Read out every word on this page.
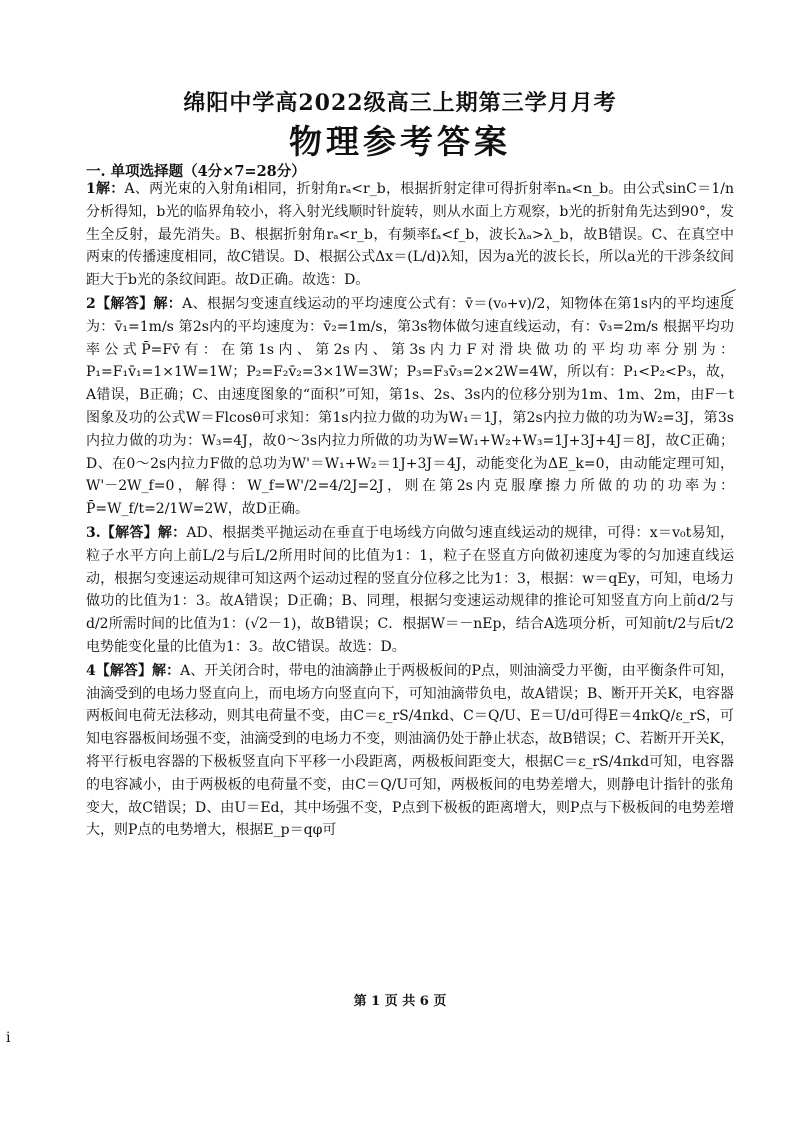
绵阳中学高2022级高三上期第三学月月考
物理参考答案
一. 单项选择题（4分×7=28分）

1解：A、两光束的入射角i相同，折射角rₐ<r_b，根据折射定律可得折射率nₐ<n_b。由公式sinC＝1/n分析得知，b光的临界角较小，将入射光线顺时针旋转，则从水面上方观察，b光的折射角先达到90°，发生全反射，最先消失。B、根据折射角rₐ<r_b，有频率fₐ<f_b，波长λₐ>λ_b，故B错误。C、在真空中两束的传播速度相同，故C错误。D、根据公式Δx＝(L/d)λ知，因为a光的波长长，所以a光的干涉条纹间距大于b光的条纹间距。故D正确。故选：D。

2【解答】解：A、根据匀变速直线运动的平均速度公式有：v̄＝(v₀+v)/2，知物体在第1s内的平均速度为：v̄₁=1m/s 第2s内的平均速度为：v̄₂=1m/s，第3s物体做匀速直线运动，有：v̄₃=2m/s 根据平均功率公式P̄=Fv̄有：在第1s内、第2s内、第3s内力F对滑块做功的平均功率分别为：P₁=F₁v̄₁=1×1W=1W；P₂=F₂v̄₂=3×1W=3W；P₃=F₃v̄₃=2×2W=4W，所以有：P₁<P₂<P₃，故，A错误，B正确；C、由速度图象的“面积”可知，第1s、2s、3s内的位移分别为1m、1m、2m，由F－t图象及功的公式W＝Flcosθ可求知：第1s内拉力做的功为W₁＝1J，第2s内拉力做的功为W₂=3J，第3s内拉力做的功为：W₃=4J，故0～3s内拉力所做的功为W=W₁+W₂+W₃=1J+3J+4J＝8J，故C正确；D、在0～2s内拉力F做的总功为W'＝W₁+W₂＝1J+3J＝4J，动能变化为ΔE_k=0，由动能定理可知，W'－2W_f=0，解得：W_f=W'/2=4/2J=2J，则在第2s内克服摩擦力所做的功的功率为：P̄=W_f/t=2/1W=2W，故D正确。

3.【解答】解：AD、根据类平抛运动在垂直于电场线方向做匀速直线运动的规律，可得：x＝v₀t易知，粒子水平方向上前L/2与后L/2所用时间的比值为1：1，粒子在竖直方向做初速度为零的匀加速直线运动，根据匀变速运动规律可知这两个运动过程的竖直分位移之比为1：3，根据：w＝qEy，可知，电场力做功的比值为1：3。故A错误；D正确；B、同理，根据匀变速运动规律的推论可知竖直方向上前d/2与d/2所需时间的比值为1：(√2－1)，故B错误；C．根据W＝－nEp，结合A选项分析，可知前t/2与后t/2电势能变化量的比值为1：3。故C错误。故选：D。

4【解答】解：A、开关闭合时，带电的油滴静止于两极板间的P点，则油滴受力平衡，由平衡条件可知，油滴受到的电场力竖直向上，而电场方向竖直向下，可知油滴带负电，故A错误；B、断开开关K，电容器两板间电荷无法移动，则其电荷量不变，由C＝ε_rS/4πkd、C＝Q/U、E＝U/d可得E＝4πkQ/ε_rS，可知电容器板间场强不变，油滴受到的电场力不变，则油滴仍处于静止状态，故B错误；C、若断开开关K，将平行板电容器的下极板竖直向下平移一小段距离，两极板间距变大，根据C＝ε_rS/4πkd可知，电容器的电容减小，由于两极板的电荷量不变，由C＝Q/U可知，两极板间的电势差增大，则静电计指针的张角变大，故C错误；D、由U＝Ed，其中场强不变，P点到下极板的距离增大，则P点与下极板间的电势差增大，则P点的电势增大，根据E_p＝qφ可

第 1 页 共 6 页
i
